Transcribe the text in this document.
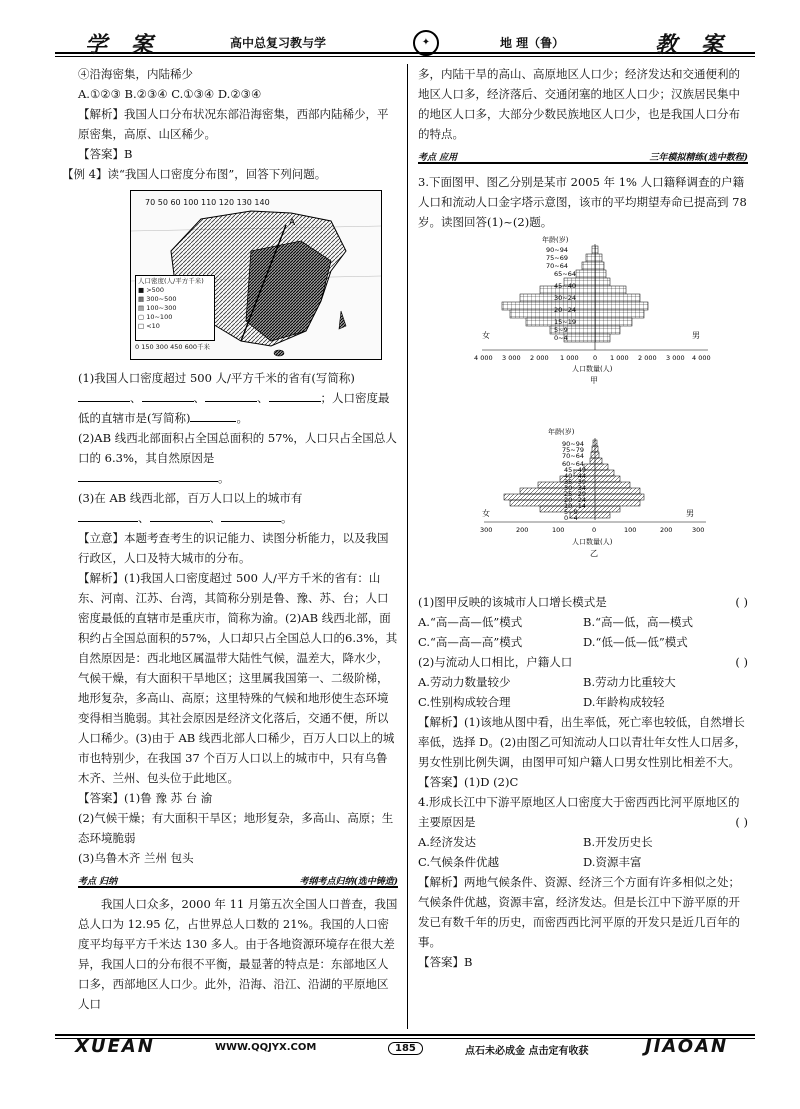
学 案	高中总复习教与学	✦	地 理（鲁）	教 案

④沿海密集，内陆稀少

A.①②③ B.②③④ C.①③④ D.②③④

【解析】我国人口分布状况东部沿海密集，西部内陆稀少，平原密集，高原、山区稀少。

【答案】B

【例 4】读“我国人口密度分布图”，回答下列问题。

70 50 60 100 110 120 130 140
A
人口密度(人/平方千米)
■ >500
▦ 300~500
▤ 100~300
▢ 10~100
□ <10
0 150 300 450 600千米

(1)我国人口密度超过 500 人/平方千米的省有(写简称)

、	、	、	；人口密度最低的直辖市是(写简称)	。

(2)AB 线西北部面积占全国总面积的 57%，人口只占全国总人口的 6.3%，其自然原因是

。

(3)在 AB 线西北部，百万人口以上的城市有

、	、	。

【立意】本题考查考生的识记能力、读图分析能力，以及我国行政区，人口及特大城市的分布。

【解析】(1)我国人口密度超过 500 人/平方千米的省有：山东、河南、江苏、台湾，其简称分别是鲁、豫、苏、台；人口密度最低的直辖市是重庆市，简称为渝。(2)AB 线西北部，面积约占全国总面积的57%，人口却只占全国总人口的6.3%，其自然原因是：西北地区属温带大陆性气候，温差大，降水少，气候干燥，有大面积干旱地区；这里属我国第一、二级阶梯，地形复杂，多高山、高原；这里特殊的气候和地形使生态环境变得相当脆弱。其社会原因是经济文化落后，交通不便，所以人口稀少。(3)由于 AB 线西北部人口稀少，百万人口以上的城市也特别少，在我国 37 个百万人口以上的城市中，只有乌鲁木齐、兰州、包头位于此地区。

【答案】(1)鲁 豫 苏 台 渝

(2)气候干燥；有大面积干旱区；地形复杂，多高山、高原；生态环境脆弱

(3)乌鲁木齐 兰州 包头

考点 归纳	考纲考点归纳(选中铸造)

我国人口众多，2000 年 11 月第五次全国人口普查，我国总人口为 12.95 亿，占世界总人口数的 21%。我国的人口密度平均每平方千米达 130 多人。由于各地资源环境存在很大差异，我国人口的分布很不平衡，最显著的特点是：东部地区人口多，西部地区人口少。此外，沿海、沿江、沿湖的平原地区人口

多，内陆干旱的高山、高原地区人口少；经济发达和交通便利的地区人口多，经济落后、交通闭塞的地区人口少；汉族居民集中的地区人口多，大部分少数民族地区人口少，也是我国人口分布的特点。

考点 应用	三年模拟精练(选中数程)

3.下面图甲、图乙分别是某市 2005 年 1% 人口籍释调查的户籍人口和流动人口金字塔示意图，该市的平均期望寿命已提高到 78 岁。读图回答(1)~(2)题。

年龄(岁)
90~94
75~69
70~64
65~64
45~40
30~24
20~24
15~19
5~9
0~4
女	男
4 000 3 000 2 000 1 000 0 1 000 2 000 3 000 4 000
人口数量(人)
甲
年龄(岁)
90~94
75~79
70~64
60~64
45~49
40~44
35~39
30~34
25~29
20~24
10~14
5~9
0~4
女	男
300	200	100	0	100	200	300
人口数量(人)
乙

(1)图甲反映的该城市人口增长模式是	( )

A.“高—高—低”模式	B.“高—低，高—模式
C.“高—高—高”模式	D.“低—低—低”模式

(2)与流动人口相比，户籍人口	( )

A.劳动力数量较少	B.劳动力比重较大
C.性别构成较合理	D.年龄构成较轻

【解析】(1)该地从图中看，出生率低，死亡率也较低，自然增长率低，选择 D。(2)由图乙可知流动人口以青壮年女性人口居多，男女性别比例失调，由图甲可知户籍人口男女性别比相差不大。

【答案】(1)D (2)C

4.形成长江中下游平原地区人口密度大于密西西比河平原地区的主要原因是	( )

A.经济发达	B.开发历史长
C.气候条件优越	D.资源丰富

【解析】两地气候条件、资源、经济三个方面有许多相似之处；气候条件优越，资源丰富，经济发达。但是长江中下游平原的开发已有数千年的历史，而密西西比河平原的开发只是近几百年的事。

【答案】B

XUEAN	WWW.QQJYX.COM	185	点石未必成金 点击定有收获	JIAOAN
